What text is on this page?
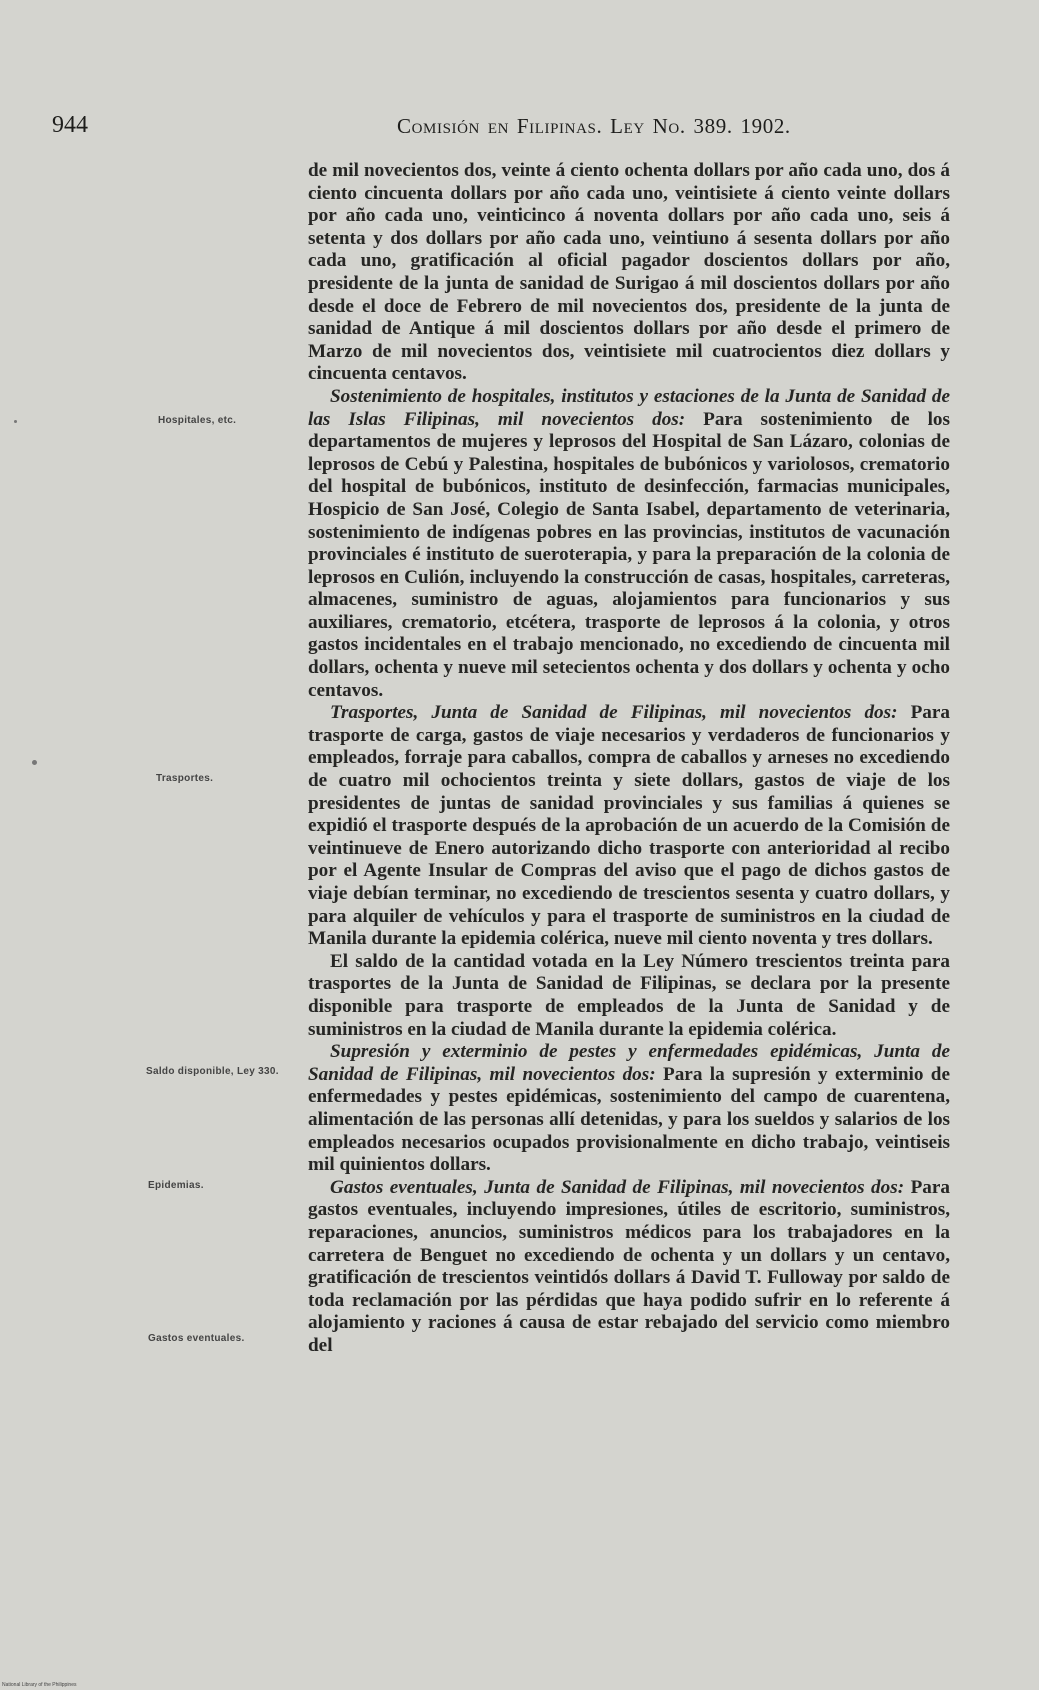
944	Comisión en Filipinas. Ley No. 389. 1902.

de mil novecientos dos, veinte á ciento ochenta dollars por año cada uno, dos á ciento cincuenta dollars por año cada uno, veintisiete á ciento veinte dollars por año cada uno, veinticinco á noventa dollars por año cada uno, seis á setenta y dos dollars por año cada uno, veintiuno á sesenta dollars por año cada uno, gratificación al oficial pagador doscientos dollars por año, presidente de la junta de sanidad de Surigao á mil doscientos dollars por año desde el doce de Febrero de mil novecientos dos, presidente de la junta de sanidad de Antique á mil doscientos dollars por año desde el primero de Marzo de mil novecientos dos, veintisiete mil cuatrocientos diez dollars y cincuenta centavos.

Sostenimiento de hospitales, institutos y estaciones de la Junta de Sanidad de las Islas Filipinas, mil novecientos dos: Para sostenimiento de los departamentos de mujeres y leprosos del Hospital de San Lázaro, colonias de leprosos de Cebú y Palestina, hospitales de bubónicos y variolosos, crematorio del hospital de bubónicos, instituto de desinfección, farmacias municipales, Hospicio de San José, Colegio de Santa Isabel, departamento de veterinaria, sostenimiento de indígenas pobres en las provincias, institutos de vacunación provinciales é instituto de sueroterapia, y para la preparación de la colonia de leprosos en Culión, incluyendo la construcción de casas, hospitales, carreteras, almacenes, suministro de aguas, alojamientos para funcionarios y sus auxiliares, crematorio, etcétera, trasporte de leprosos á la colonia, y otros gastos incidentales en el trabajo mencionado, no excediendo de cincuenta mil dollars, ochenta y nueve mil setecientos ochenta y dos dollars y ochenta y ocho centavos.

Trasportes, Junta de Sanidad de Filipinas, mil novecientos dos: Para trasporte de carga, gastos de viaje necesarios y verdaderos de funcionarios y empleados, forraje para caballos, compra de caballos y arneses no excediendo de cuatro mil ochocientos treinta y siete dollars, gastos de viaje de los presidentes de juntas de sanidad provinciales y sus familias á quienes se expidió el trasporte después de la aprobación de un acuerdo de la Comisión de veintinueve de Enero autorizando dicho trasporte con anterioridad al recibo por el Agente Insular de Compras del aviso que el pago de dichos gastos de viaje debían terminar, no excediendo de trescientos sesenta y cuatro dollars, y para alquiler de vehículos y para el trasporte de suministros en la ciudad de Manila durante la epidemia colérica, nueve mil ciento noventa y tres dollars.

El saldo de la cantidad votada en la Ley Número trescientos treinta para trasportes de la Junta de Sanidad de Filipinas, se declara por la presente disponible para trasporte de empleados de la Junta de Sanidad y de suministros en la ciudad de Manila durante la epidemia colérica.

Supresión y exterminio de pestes y enfermedades epidémicas, Junta de Sanidad de Filipinas, mil novecientos dos: Para la supresión y exterminio de enfermedades y pestes epidémicas, sostenimiento del campo de cuarentena, alimentación de las personas allí detenidas, y para los sueldos y salarios de los empleados necesarios ocupados provisionalmente en dicho trabajo, veintiseis mil quinientos dollars.

Gastos eventuales, Junta de Sanidad de Filipinas, mil novecientos dos: Para gastos eventuales, incluyendo impresiones, útiles de escritorio, suministros, reparaciones, anuncios, suministros médicos para los trabajadores en la carretera de Benguet no excediendo de ochenta y un dollars y un centavo, gratificación de trescientos veintidós dollars á David T. Fulloway por saldo de toda reclamación por las pérdidas que haya podido sufrir en lo referente á alojamiento y raciones á causa de estar rebajado del servicio como miembro del

Hospitales, etc.
Trasportes.
Saldo disponible, Ley 330.
Epidemias.
Gastos eventuales.
National Library of the Philippines
